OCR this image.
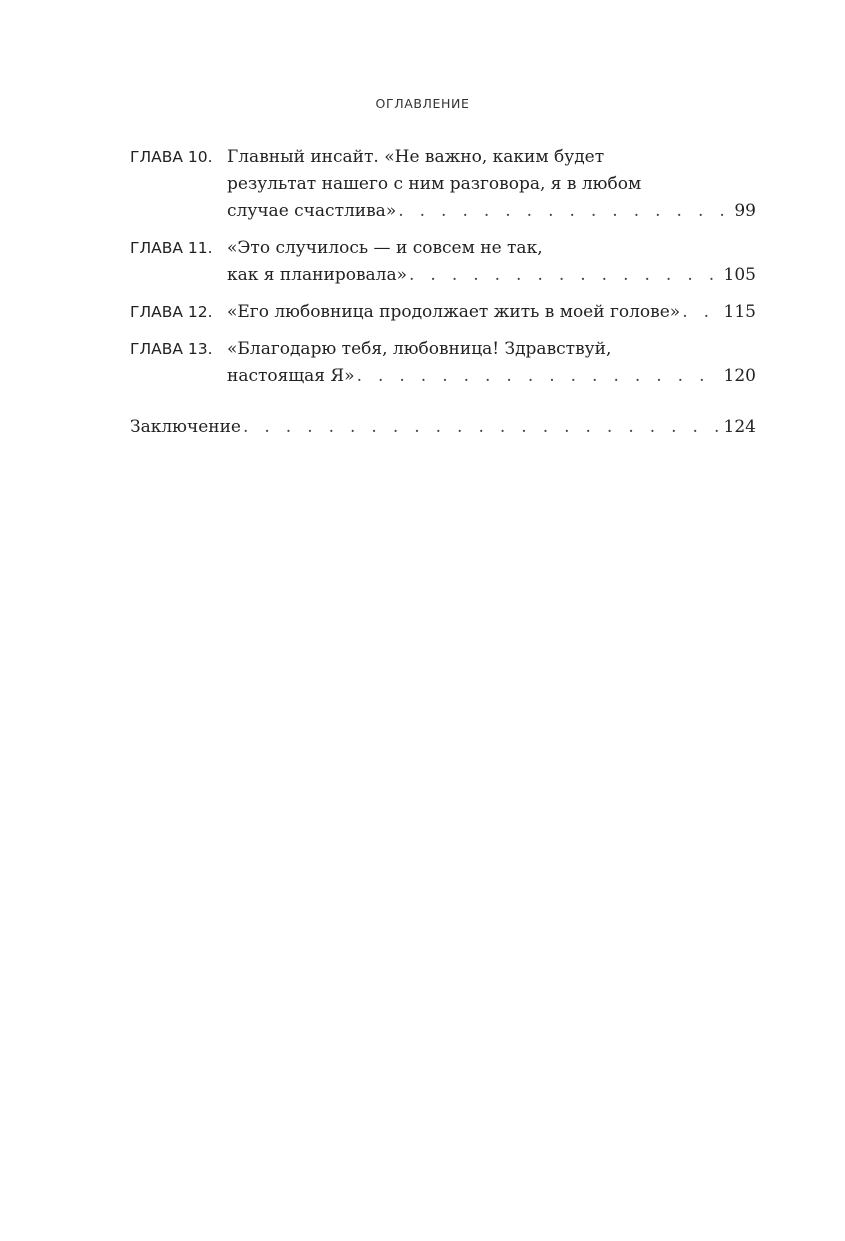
ОГЛАВЛЕНИЕ
ГЛАВА 10. Главный инсайт. «Не важно, каким будет
результат нашего с ним разговора, я в любом
случае счастлива» . . .	99
ГЛАВА 11. «Это случилось — и совсем не так,
как я планировала» . . .	105
ГЛАВА 12. «Его любовница продолжает жить в моей голове» . . .	115
ГЛАВА 13. «Благодарю тебя, любовница! Здравствуй,
настоящая Я» . . .	120
Заключение . . .	124
